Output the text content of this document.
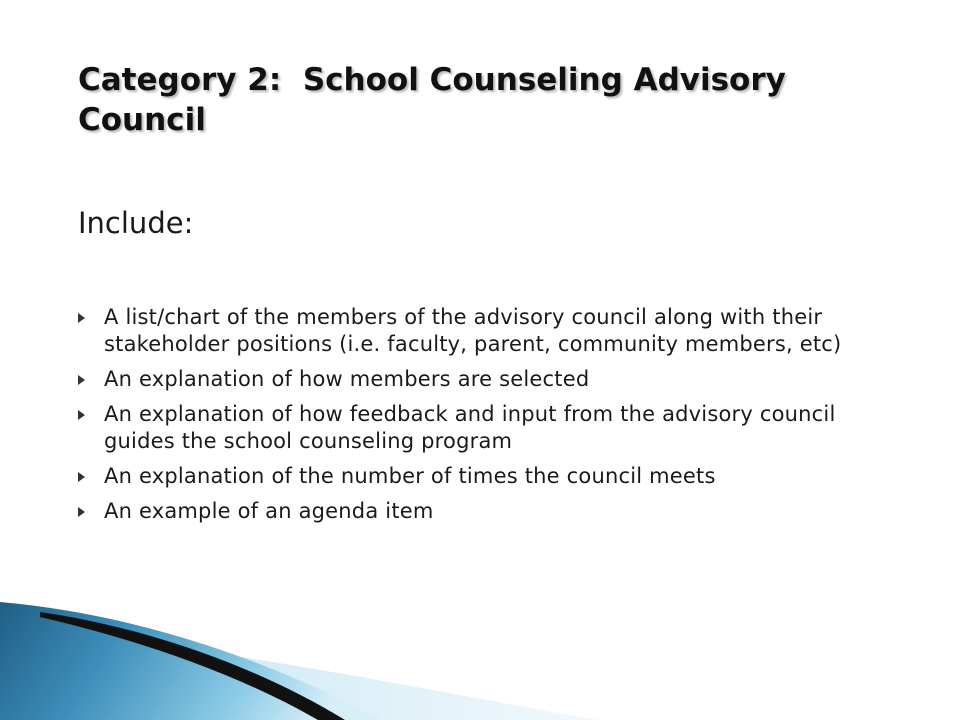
Category 2:  School Counseling Advisory Council

Include:

A list/chart of the members of the advisory council along with their stakeholder positions (i.e. faculty, parent, community members, etc)
An explanation of how members are selected
An explanation of how feedback and input from the advisory council guides the school counseling program
An explanation of the number of times the council meets
An example of an agenda item
